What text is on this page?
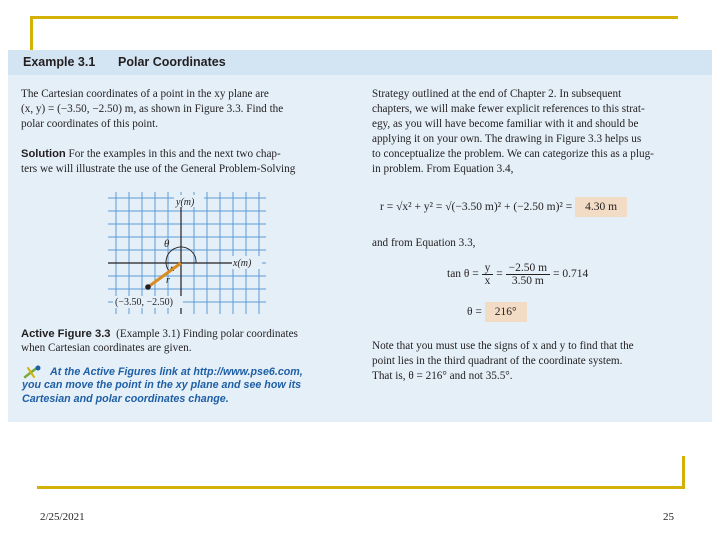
Example 3.1 Polar Coordinates

The Cartesian coordinates of a point in the xy plane are

(x, y) = (−3.50, −2.50) m, as shown in Figure 3.3. Find the

polar coordinates of this point.

Solution For the examples in this and the next two chap-

ters we will illustrate the use of the General Problem-Solving

y(m)
x(m)
θ
r
(−3.50, −2.50)

Active Figure 3.3 (Example 3.1) Finding polar coordinates

when Cartesian coordinates are given.

At the Active Figures link at http://www.pse6.com,

you can move the point in the xy plane and see how its

Cartesian and polar coordinates change.

Strategy outlined at the end of Chapter 2. In subsequent

chapters, we will make fewer explicit references to this strat-

egy, as you will have become familiar with it and should be

applying it on your own. The drawing in Figure 3.3 helps us

to conceptualize the problem. We can categorize this as a plug-

in problem. From Equation 3.4,

r = √x² + y² = √(−3.50 m)² + (−2.50 m)² = 4.30 m

and from Equation 3.3,

$\tan \theta = \frac{y}{x} = \frac{-2.50 m}{3.50 m} = 0.714$
θ = 216°

Note that you must use the signs of x and y to find that the

point lies in the third quadrant of the coordinate system.

That is, θ = 216° and not 35.5°.

2/25/2021	25
